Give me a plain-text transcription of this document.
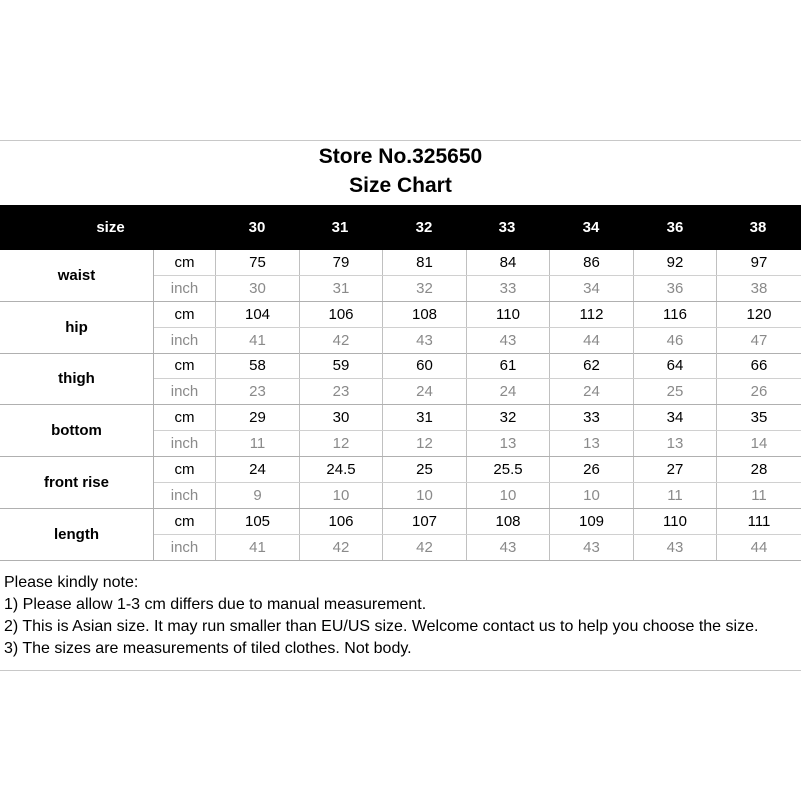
Store No.325650
Size Chart
size	30	31	32	33	34	36	38
waist
cm	75	79	81	84	86	92	97
inch	30	31	32	33	34	36	38
hip
cm	104	106	108	110	112	116	120
inch	41	42	43	43	44	46	47
thigh
cm	58	59	60	61	62	64	66
inch	23	23	24	24	24	25	26
bottom
cm	29	30	31	32	33	34	35
inch	11	12	12	13	13	13	14
front rise
cm	24	24.5	25	25.5	26	27	28
inch	9	10	10	10	10	11	11
length
cm	105	106	107	108	109	110	111
inch	41	42	42	43	43	43	44
Please kindly note:
1) Please allow 1-3 cm differs due to manual measurement.
2) This is Asian size. It may run smaller than EU/US size. Welcome contact us to help you choose the size.
3) The sizes are measurements of tiled clothes. Not body.
